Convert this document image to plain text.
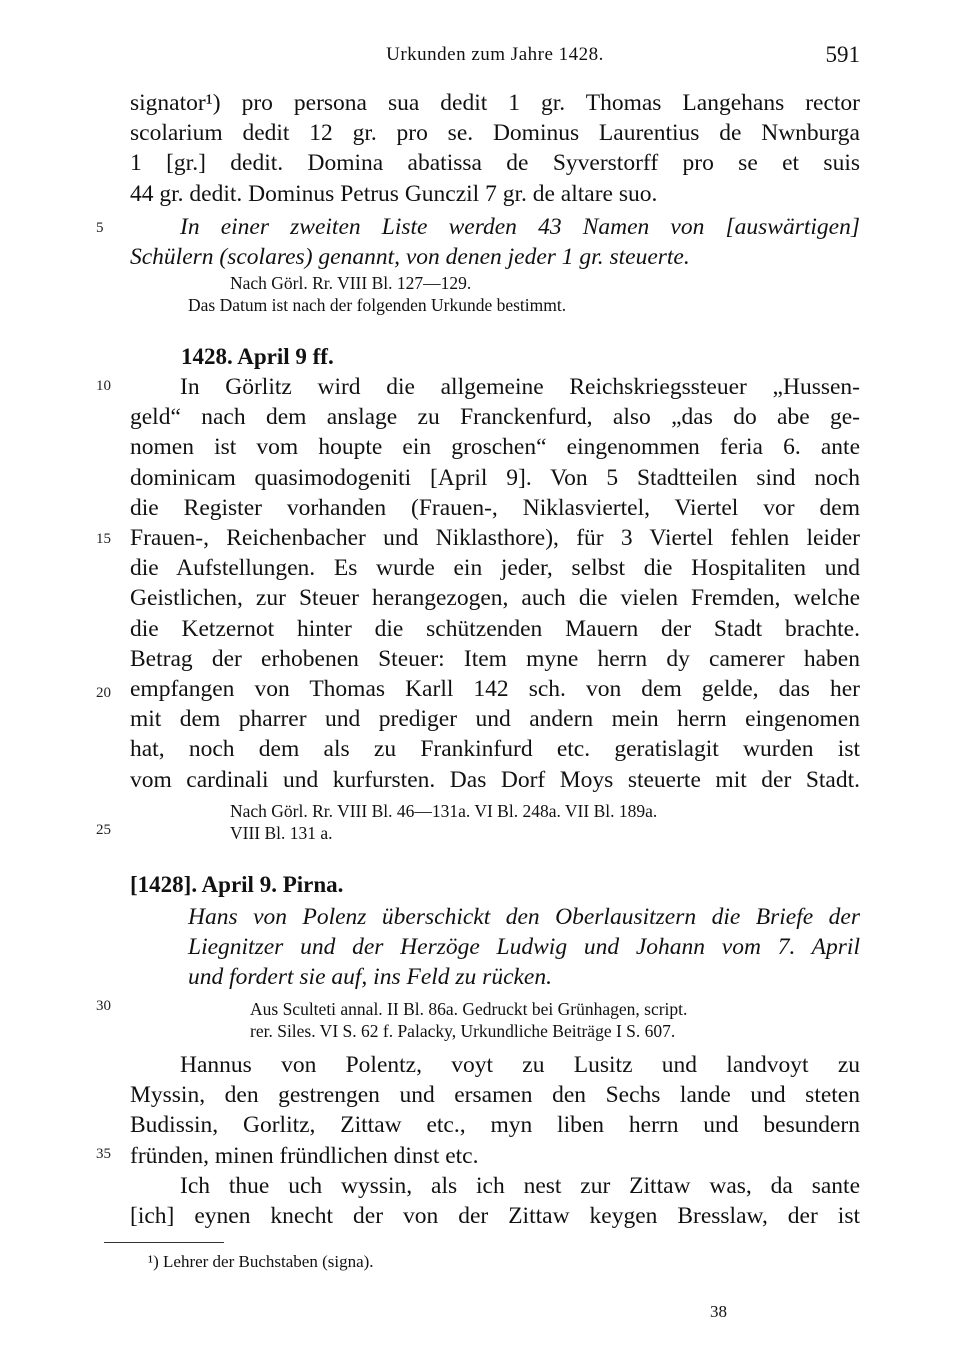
Urkunden zum Jahre 1428.	591
5
10
15
20
25
30
35

signator¹) pro persona sua dedit 1 gr. Thomas Langehans rector
scolarium dedit 12 gr. pro se. Dominus Laurentius de Nwnburga
1 [gr.] dedit. Domina abatissa de Syverstorff pro se et suis
44 gr. dedit. Dominus Petrus Gunczil 7 gr. de altare suo.

In einer zweiten Liste werden 43 Namen von [auswärtigen]
Schülern (scolares) genannt, von denen jeder 1 gr. steuerte.

Nach Görl. Rr. VIII Bl. 127—129.
Das Datum ist nach der folgenden Urkunde bestimmt.

1428. April 9 ff.

In Görlitz wird die allgemeine Reichskriegssteuer „Hussen-
geld“ nach dem anslage zu Franckenfurd, also „das do abe ge-
nomen ist vom houpte ein groschen“ eingenommen feria 6. ante
dominicam quasimodogeniti [April 9]. Von 5 Stadtteilen sind noch
die Register vorhanden (Frauen-, Niklasviertel, Viertel vor dem
Frauen-, Reichenbacher und Niklasthore), für 3 Viertel fehlen leider
die Aufstellungen. Es wurde ein jeder, selbst die Hospitaliten und
Geistlichen, zur Steuer herangezogen, auch die vielen Fremden, welche
die Ketzernot hinter die schützenden Mauern der Stadt brachte.
Betrag der erhobenen Steuer: Item myne herrn dy camerer haben
empfangen von Thomas Karll 142 sch. von dem gelde, das her
mit dem pharrer und prediger und andern mein herrn eingenomen
hat, noch dem als zu Frankinfurd etc. geratislagit wurden ist
vom cardinali und kurfursten. Das Dorf Moys steuerte mit der Stadt.

Nach Görl. Rr. VIII Bl. 46—131a. VI Bl. 248a. VII Bl. 189a.
VIII Bl. 131 a.

[1428]. April 9. Pirna.

Hans von Polenz überschickt den Oberlausitzern die Briefe der
Liegnitzer und der Herzöge Ludwig und Johann vom 7. April
und fordert sie auf, ins Feld zu rücken.

Aus Sculteti annal. II Bl. 86a. Gedruckt bei Grünhagen, script.
rer. Siles. VI S. 62 f. Palacky, Urkundliche Beiträge I S. 607.

Hannus von Polentz, voyt zu Lusitz und landvoyt zu
Myssin, den gestrengen und ersamen den Sechs lande und steten
Budissin, Gorlitz, Zittaw etc., myn liben herrn und besundern
fründen, minen fründlichen dinst etc.
Ich thue uch wyssin, als ich nest zur Zittaw was, da sante
[ich] eynen knecht der von der Zittaw keygen Bresslaw, der ist

¹) Lehrer der Buchstaben (signa).
38
